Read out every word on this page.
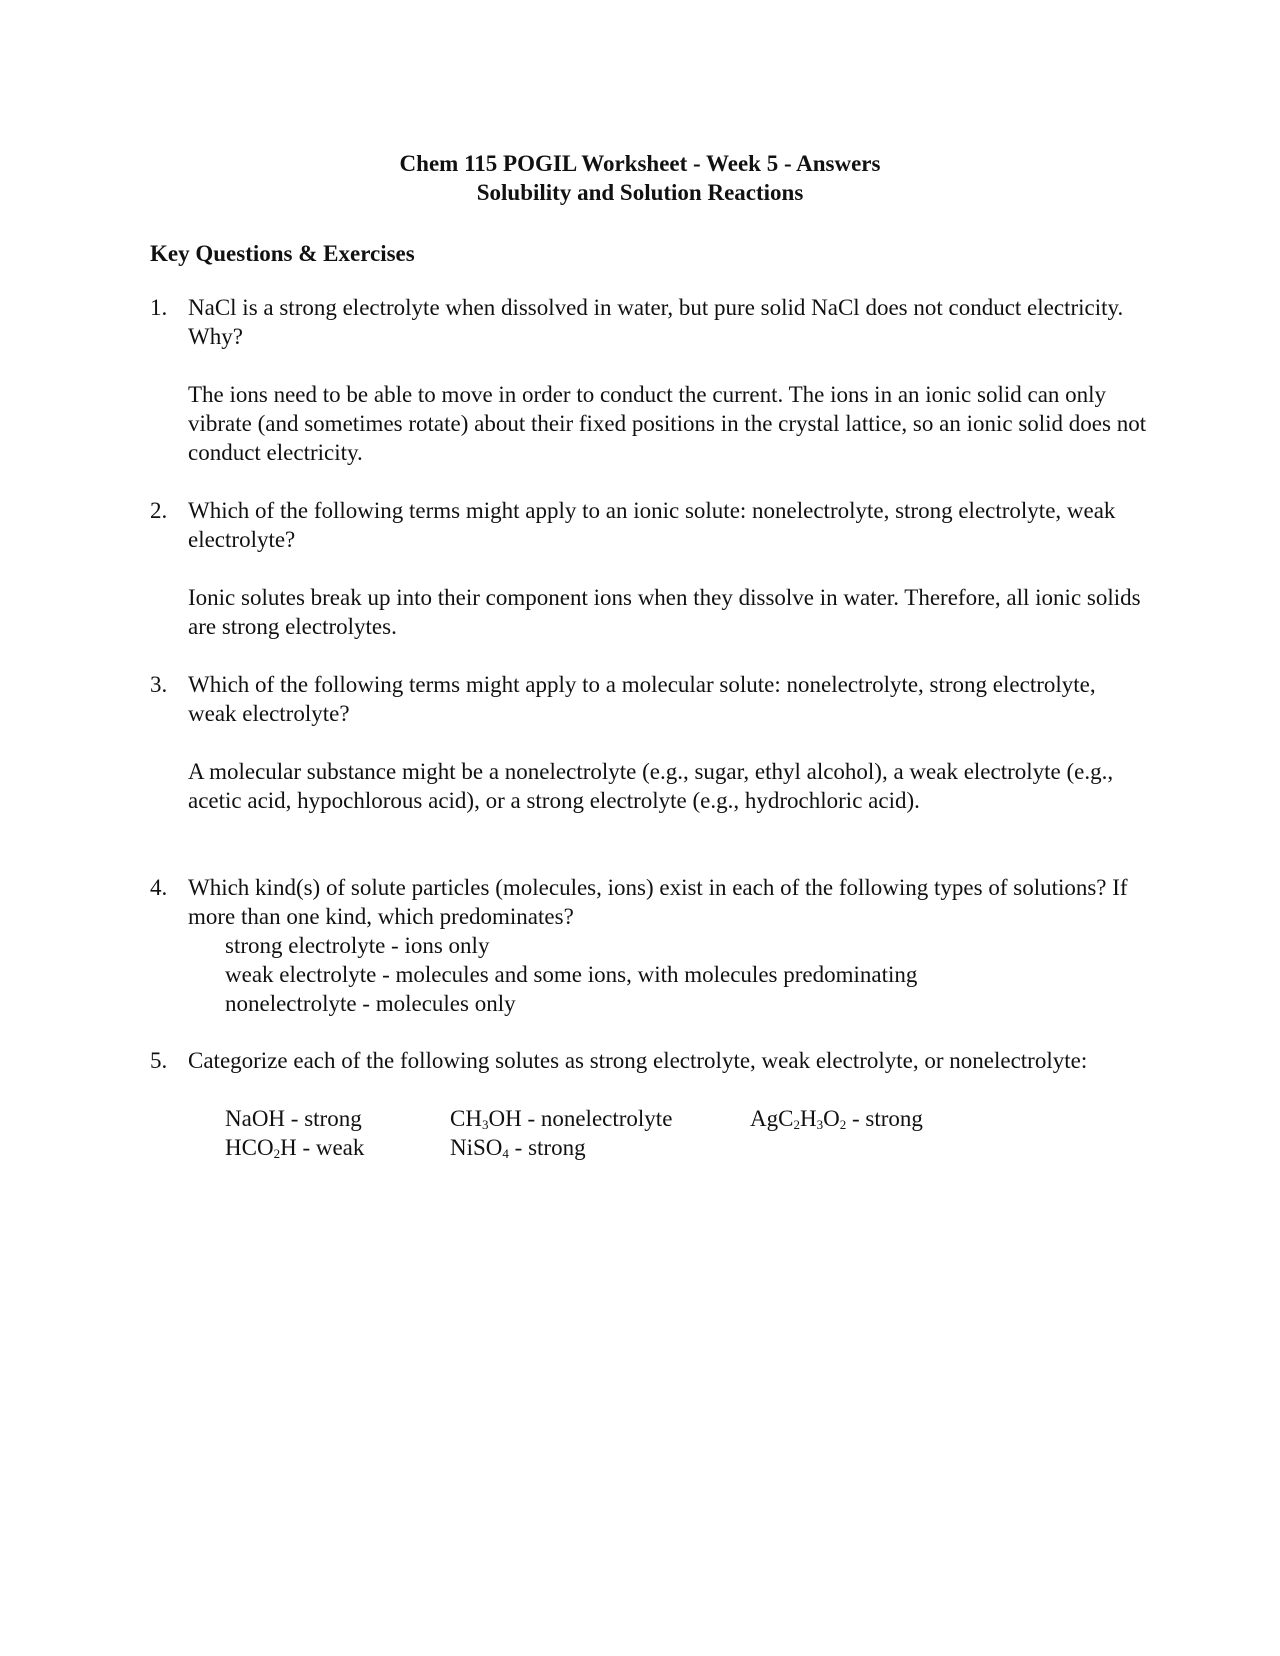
Chem 115 POGIL Worksheet - Week 5 - Answers
Solubility and Solution Reactions
Key Questions & Exercises
1. NaCl is a strong electrolyte when dissolved in water, but pure solid NaCl does not conduct electricity. Why?
The ions need to be able to move in order to conduct the current. The ions in an ionic solid can only vibrate (and sometimes rotate) about their fixed positions in the crystal lattice, so an ionic solid does not conduct electricity.
2. Which of the following terms might apply to an ionic solute: nonelectrolyte, strong electrolyte, weak electrolyte?
Ionic solutes break up into their component ions when they dissolve in water. Therefore, all ionic solids are strong electrolytes.
3. Which of the following terms might apply to a molecular solute: nonelectrolyte, strong electrolyte, weak electrolyte?
A molecular substance might be a nonelectrolyte (e.g., sugar, ethyl alcohol), a weak electrolyte (e.g., acetic acid, hypochlorous acid), or a strong electrolyte (e.g., hydrochloric acid).
4. Which kind(s) of solute particles (molecules, ions) exist in each of the following types of solutions? If more than one kind, which predominates?
strong electrolyte - ions only
weak electrolyte - molecules and some ions, with molecules predominating
nonelectrolyte - molecules only
5. Categorize each of the following solutes as strong electrolyte, weak electrolyte, or nonelectrolyte:
NaOH - strong	$CH_3OH$ - nonelectrolyte	$AgC_2H_3O_2$ - strong
$HCO_2H$ - weak	NiSO$_4$ - strong
